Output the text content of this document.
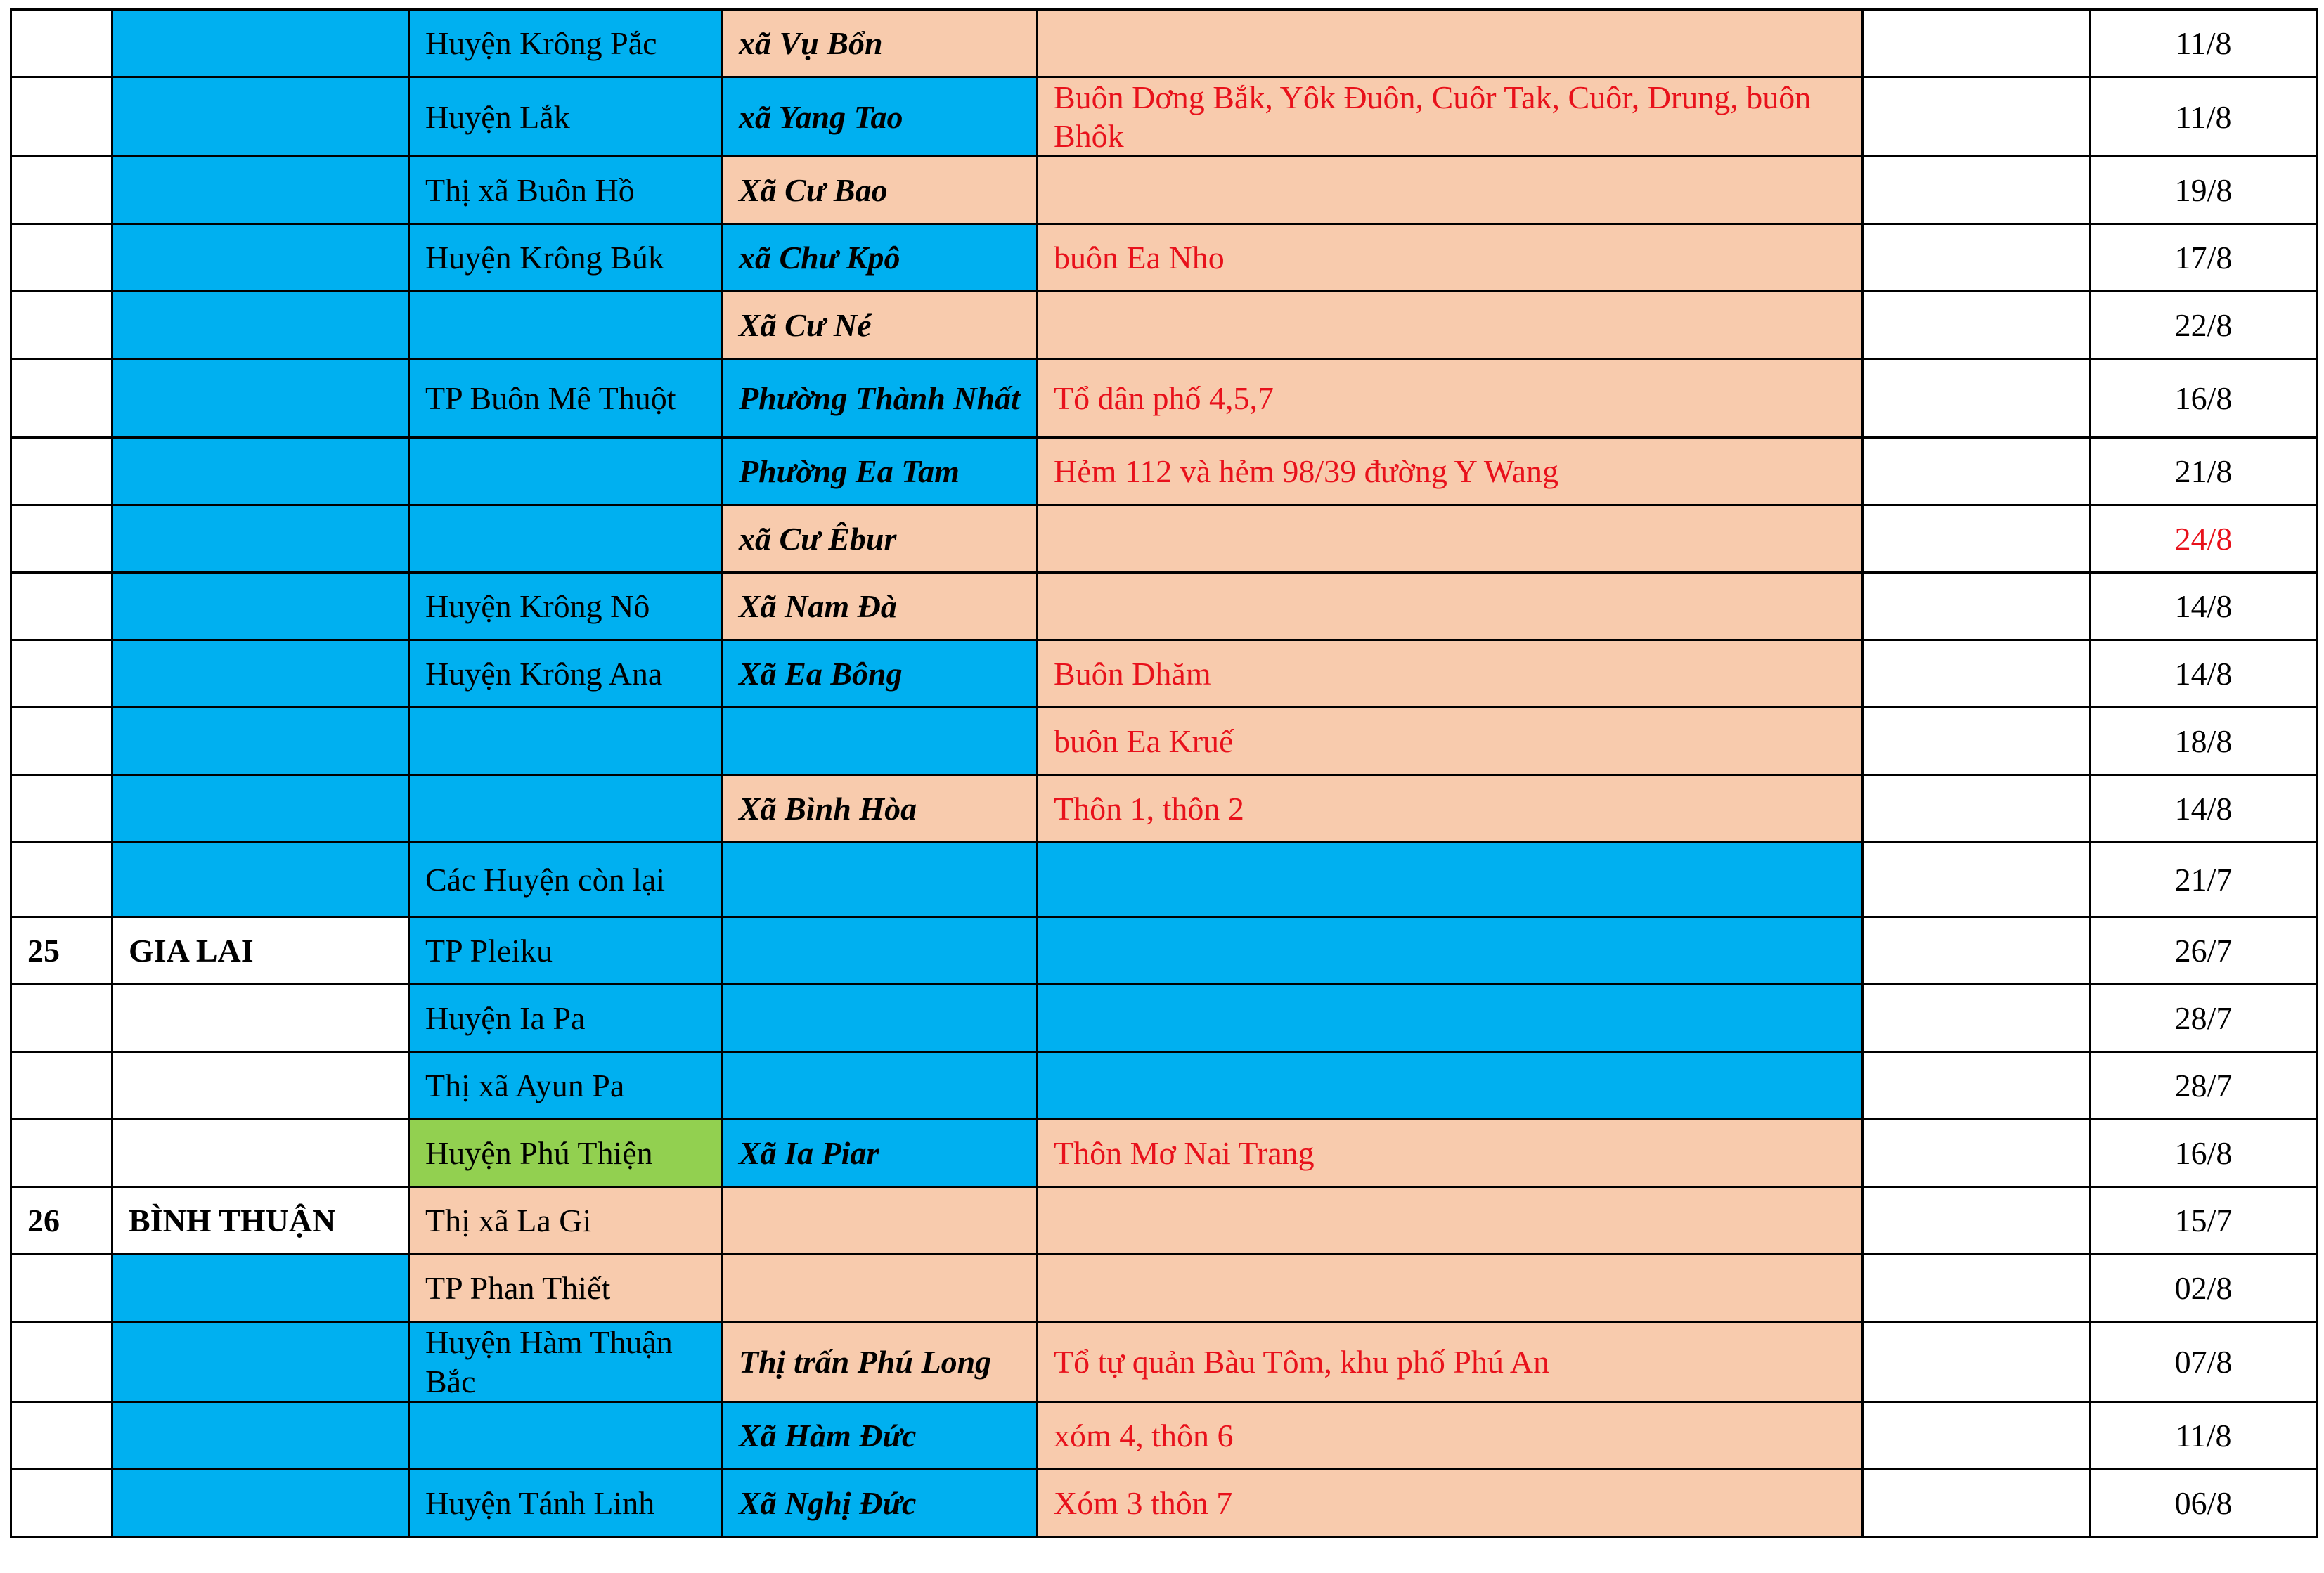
		Huyện Krông Pắc	xã Vụ Bổn			11/8
		Huyện Lắk	xã Yang Tao	Buôn Dơng Bắk, Yôk Đuôn, Cuôr Tak, Cuôr, Drung, buôn Bhôk		11/8
		Thị xã Buôn Hồ	Xã Cư Bao			19/8
		Huyện Krông Búk	xã Chư Kpô	buôn Ea Nho		17/8
			Xã Cư Né			22/8
		TP Buôn Mê Thuột	Phường Thành Nhất	Tổ dân phố 4,5,7		16/8
			Phường Ea Tam	Hẻm 112 và hẻm 98/39 đường Y Wang		21/8
			xã Cư Êbur			24/8
		Huyện Krông Nô	Xã Nam Đà			14/8
		Huyện Krông Ana	Xã Ea Bông	Buôn Dhăm		14/8
				buôn Ea Kruế		18/8
			Xã Bình Hòa	Thôn 1, thôn 2		14/8
		Các Huyện còn lại				21/7
25	GIA LAI	TP Pleiku				26/7
		Huyện Ia Pa				28/7
		Thị xã Ayun Pa				28/7
		Huyện Phú Thiện	Xã Ia Piar	Thôn Mơ Nai Trang		16/8
26	BÌNH THUẬN	Thị xã La Gi				15/7
		TP Phan Thiết				02/8
		Huyện Hàm Thuận Bắc	Thị trấn Phú Long	Tổ tự quản Bàu Tôm, khu phố Phú An		07/8
			Xã Hàm Đức	xóm 4, thôn 6		11/8
		Huyện Tánh Linh	Xã Nghị Đức	Xóm 3 thôn 7		06/8
